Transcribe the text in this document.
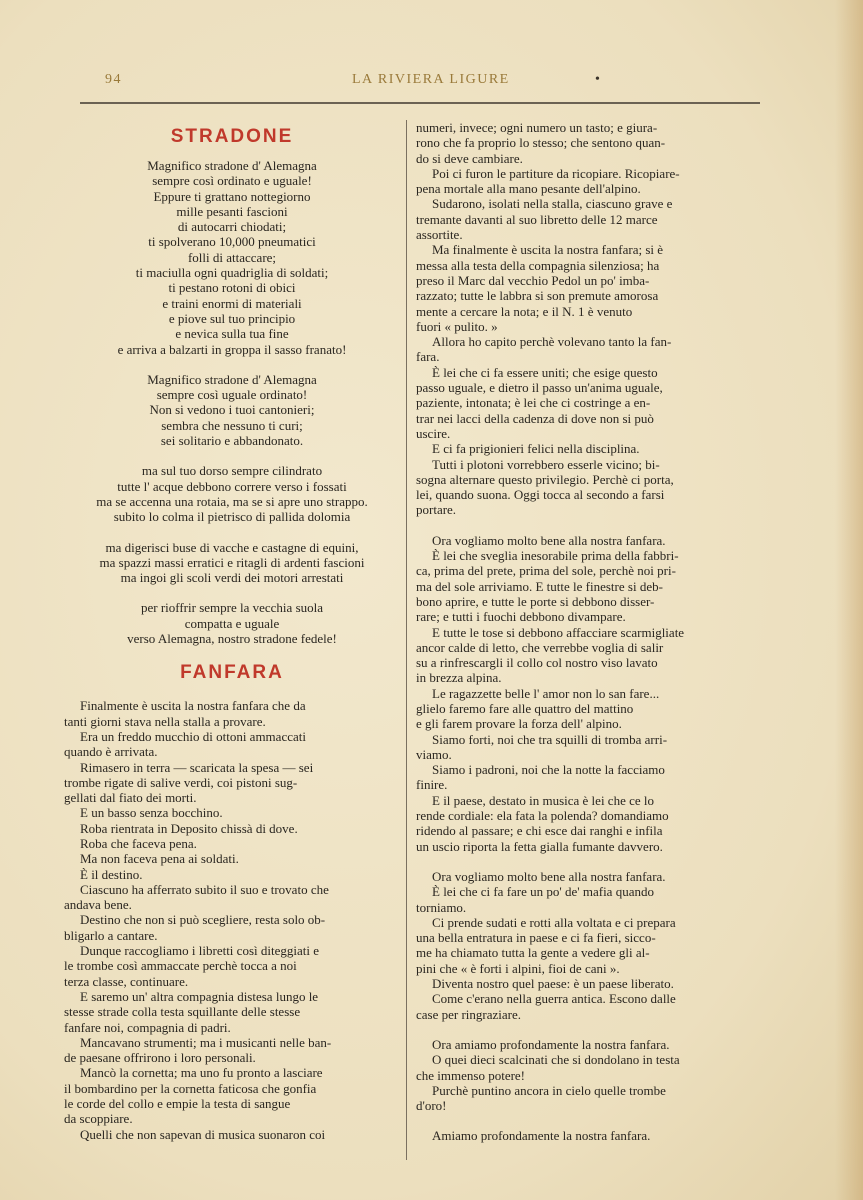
94	LA RIVIERA LIGURE	•
STRADONE
Magnifico stradone d' Alemagna
sempre così ordinato e uguale!
Eppure ti grattano nottegiorno
mille pesanti fascioni
di autocarri chiodati;
ti spolverano 10,000 pneumatici
folli di attaccare;
ti maciulla ogni quadriglia di soldati;
ti pestano rotoni di obici
e traini enormi di materiali
e piove sul tuo principio
e nevica sulla tua fine
e arriva a balzarti in groppa il sasso franato!
Magnifico stradone d' Alemagna
sempre così uguale ordinato!
Non si vedono i tuoi cantonieri;
sembra che nessuno ti curi;
sei solitario e abbandonato.
ma sul tuo dorso sempre cilindrato
tutte l' acque debbono correre verso i fossati
ma se accenna una rotaia, ma se si apre uno strappo.
subito lo colma il pietrisco di pallida dolomia
ma digerisci buse di vacche e castagne di equini,
ma spazzi massi erratici e ritagli di ardenti fascioni
ma ingoi gli scoli verdi dei motori arrestati
per rioffrir sempre la vecchia suola
compatta e uguale
verso Alemagna, nostro stradone fedele!
FANFARA
Finalmente è uscita la nostra fanfara che da
tanti giorni stava nella stalla a provare.
Era un freddo mucchio di ottoni ammaccati
quando è arrivata.
Rimasero in terra — scaricata la spesa — sei
trombe rigate di salive verdi, coi pistoni sug-
gellati dal fiato dei morti.
E un basso senza bocchino.
Roba rientrata in Deposito chissà di dove.
Roba che faceva pena.
Ma non faceva pena ai soldati.
È il destino.
Ciascuno ha afferrato subito il suo e trovato che
andava bene.
Destino che non si può scegliere, resta solo ob-
bligarlo a cantare.
Dunque raccogliamo i libretti così diteggiati e
le trombe così ammaccate perchè tocca a noi
terza classe, continuare.
E saremo un' altra compagnia distesa lungo le
stesse strade colla testa squillante delle stesse
fanfare noi, compagnia di padri.
Mancavano strumenti; ma i musicanti nelle ban-
de paesane offrirono i loro personali.
Mancò la cornetta; ma uno fu pronto a lasciare
il bombardino per la cornetta faticosa che gonfia
le corde del collo e empie la testa di sangue
da scoppiare.
Quelli che non sapevan di musica suonaron coi
numeri, invece; ogni numero un tasto; e giura-
rono che fa proprio lo stesso; che sentono quan-
do si deve cambiare.
Poi ci furon le partiture da ricopiare. Ricopiare-
pena mortale alla mano pesante dell'alpino.
Sudarono, isolati nella stalla, ciascuno grave e
tremante davanti al suo libretto delle 12 marce
assortite.
Ma finalmente è uscita la nostra fanfara; si è
messa alla testa della compagnia silenziosa; ha
preso il Marc dal vecchio Pedol un po' imba-
razzato; tutte le labbra si son premute amorosa
mente a cercare la nota; e il N. 1 è venuto
fuori « pulito. »
Allora ho capito perchè volevano tanto la fan-
fara.
È lei che ci fa essere uniti; che esige questo
passo uguale, e dietro il passo un'anima uguale,
paziente, intonata; è lei che ci costringe a en-
trar nei lacci della cadenza di dove non si può
uscire.
E ci fa prigionieri felici nella disciplina.
Tutti i plotoni vorrebbero esserle vicino; bi-
sogna alternare questo privilegio. Perchè ci porta,
lei, quando suona. Oggi tocca al secondo a farsi
portare.
Ora vogliamo molto bene alla nostra fanfara.
È lei che sveglia inesorabile prima della fabbri-
ca, prima del prete, prima del sole, perchè noi pri-
ma del sole arriviamo. E tutte le finestre si deb-
bono aprire, e tutte le porte si debbono disser-
rare; e tutti i fuochi debbono divampare.
E tutte le tose si debbono affacciare scarmigliate
ancor calde di letto, che verrebbe voglia di salir
su a rinfrescargli il collo col nostro viso lavato
in brezza alpina.
Le ragazzette belle l' amor non lo san fare...
glielo faremo fare alle quattro del mattino
e gli farem provare la forza dell' alpino.
Siamo forti, noi che tra squilli di tromba arri-
viamo.
Siamo i padroni, noi che la notte la facciamo
finire.
E il paese, destato in musica è lei che ce lo
rende cordiale: ela fata la polenda? domandiamo
ridendo al passare; e chi esce dai ranghi e infila
un uscio riporta la fetta gialla fumante davvero.
Ora vogliamo molto bene alla nostra fanfara.
È lei che ci fa fare un po' de' mafia quando
torniamo.
Ci prende sudati e rotti alla voltata e ci prepara
una bella entratura in paese e ci fa fieri, sicco-
me ha chiamato tutta la gente a vedere gli al-
pini che « è forti i alpini, fioi de cani ».
Diventa nostro quel paese: è un paese liberato.
Come c'erano nella guerra antica. Escono dalle
case per ringraziare.
Ora amiamo profondamente la nostra fanfara.
O quei dieci scalcinati che si dondolano in testa
che immenso potere!
Purchè puntino ancora in cielo quelle trombe
d'oro!
Amiamo profondamente la nostra fanfara.
